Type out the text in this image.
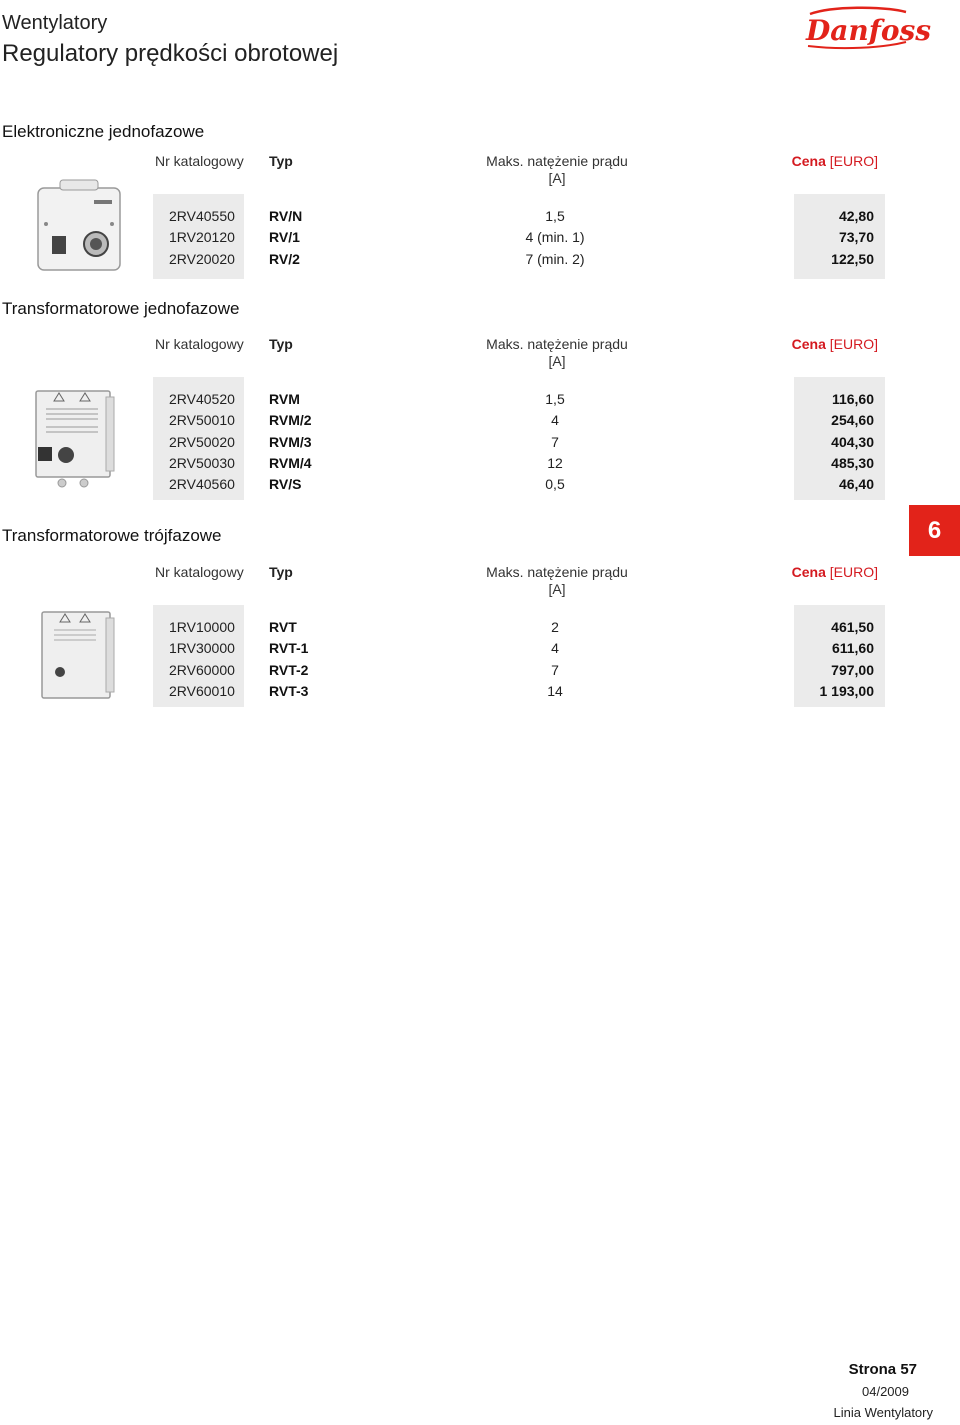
Wentylatory
Regulatory prędkości obrotowej
Danfoss
Elektroniczne jednofazowe
Nr katalogowy Typ	Maks. natężenie prądu
[A]
Cena [EURO]
2RV40550 RV/N	1,5	42,80
1RV20120 RV/1	4 (min. 1)	73,70
2RV20020 RV/2	7 (min. 2)	122,50
Transformatorowe jednofazowe
Nr katalogowy Typ	Maks. natężenie prądu
[A]
Cena [EURO]
2RV40520 RVM	1,5	116,60
2RV50010 RVM/2	4	254,60
2RV50020 RVM/3	7	404,30
2RV50030 RVM/4	12	485,30
2RV40560 RV/S	0,5	46,40
6
Transformatorowe trójfazowe
Nr katalogowy Typ	Maks. natężenie prądu
[A]
Cena [EURO]
1RV10000 RVT	2	461,50
1RV30000 RVT-1	4	611,60
2RV60000 RVT-2	7	797,00
2RV60010 RVT-3	14	1 193,00
Strona 57
04/2009
Linia Wentylatory
